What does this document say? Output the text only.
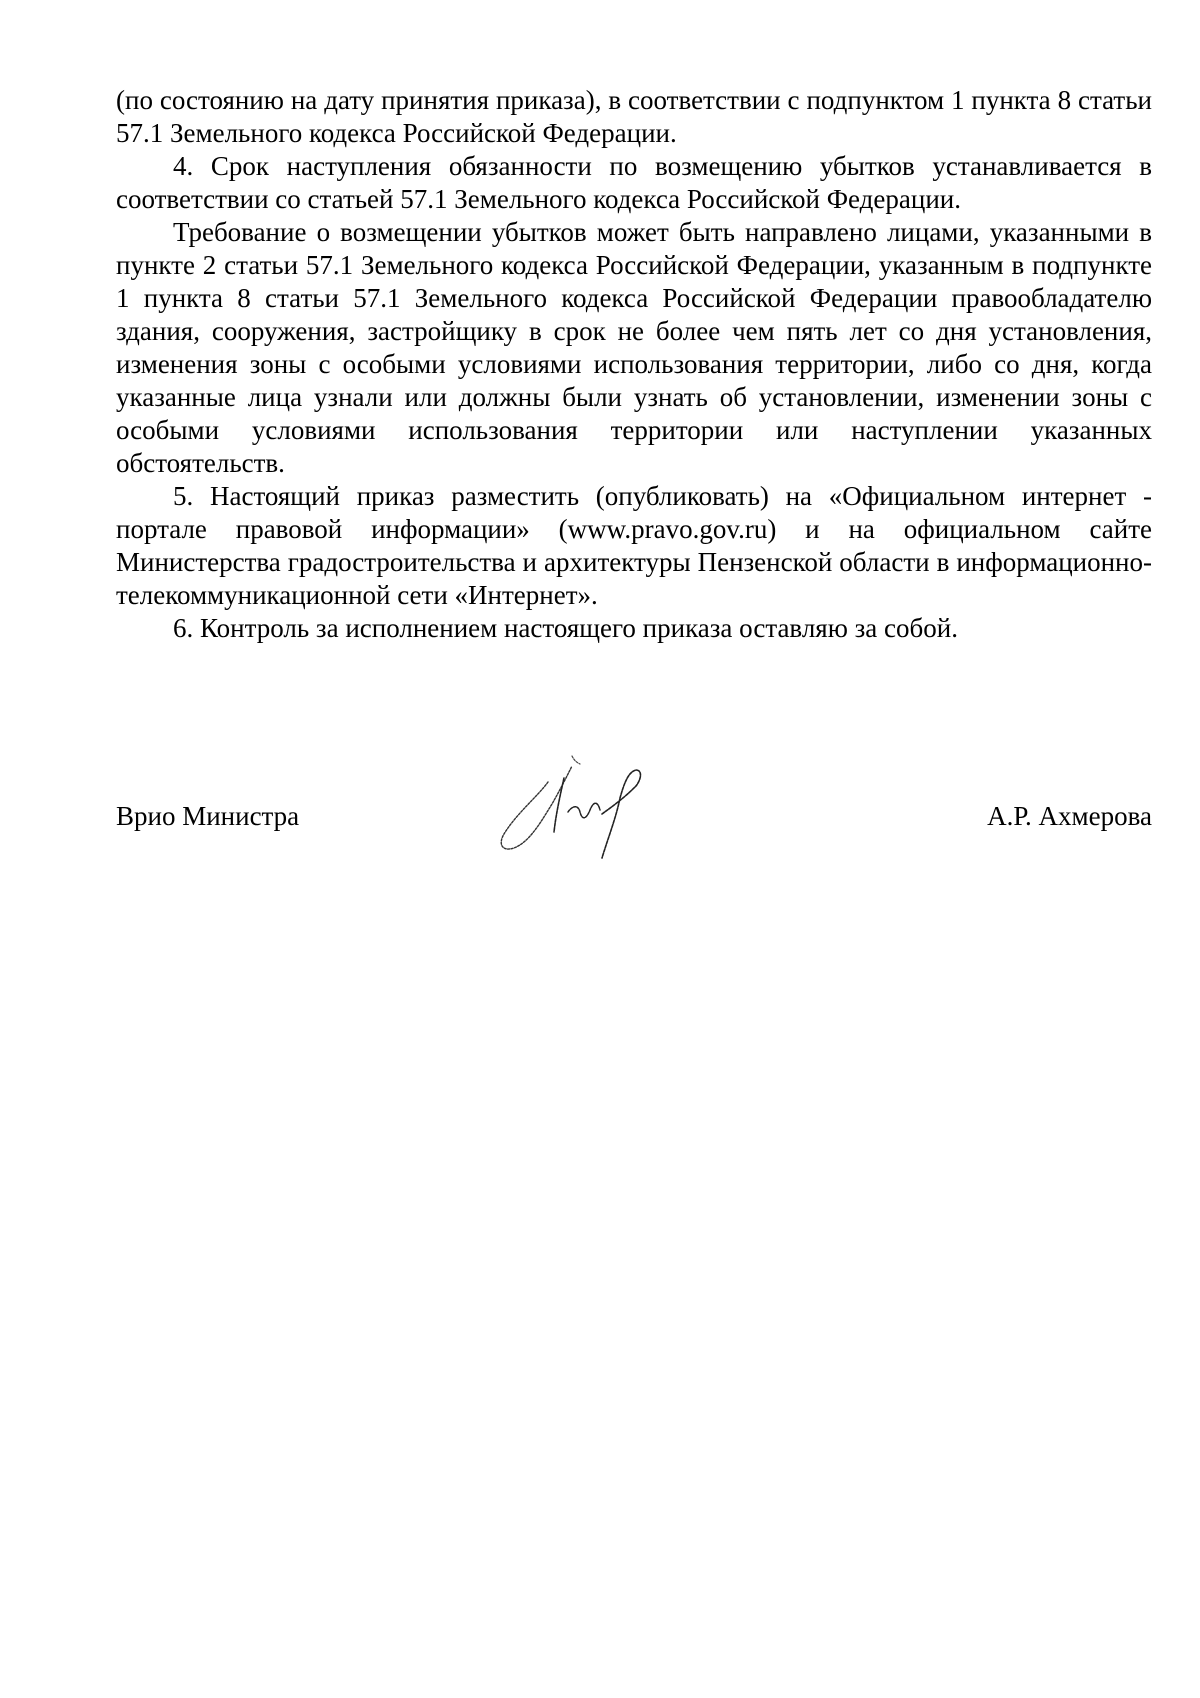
(по состоянию на дату принятия приказа), в соответствии с подпунктом 1 пункта 8 статьи 57.1 Земельного кодекса Российской Федерации.

4. Срок наступления обязанности по возмещению убытков устанавливается в соответствии со статьей 57.1 Земельного кодекса Российской Федерации.

Требование о возмещении убытков может быть направлено лицами, указанными в пункте 2 статьи 57.1 Земельного кодекса Российской Федерации, указанным в подпункте 1 пункта 8 статьи 57.1 Земельного кодекса Российской Федерации правообладателю здания, сооружения, застройщику в срок не более чем пять лет со дня установления, изменения зоны с особыми условиями использования территории, либо со дня, когда указанные лица узнали или должны были узнать об установлении, изменении зоны с особыми условиями использования территории или наступлении указанных обстоятельств.

5. Настоящий приказ разместить (опубликовать) на «Официальном интернет - портале правовой информации» (www.pravo.gov.ru) и на официальном сайте Министерства градостроительства и архитектуры Пензенской области в информационно-телекоммуникационной сети «Интернет».

6. Контроль за исполнением настоящего приказа оставляю за собой.

Врио Министра	А.Р. Ахмерова
